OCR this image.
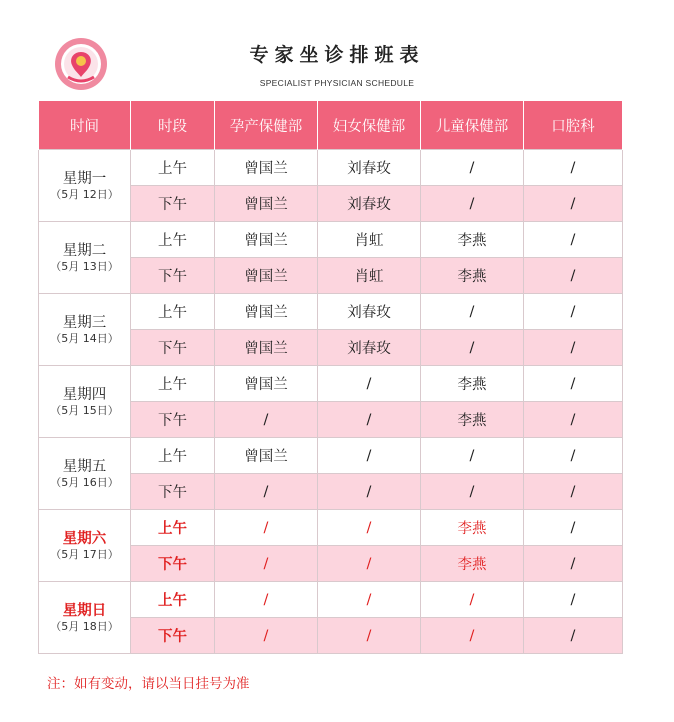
专家坐诊排班表
SPECIALIST PHYSICIAN SCHEDULE
时间	时段	孕产保健部	妇女保健部	儿童保健部	口腔科

星期一
（5月 12日）	上午	曾国兰	刘春玫	/	/
	下午	曾国兰	刘春玫	/	/

星期二
（5月 13日）	上午	曾国兰	肖虹	李燕	/
	下午	曾国兰	肖虹	李燕	/

星期三
（5月 14日）	上午	曾国兰	刘春玫	/	/
	下午	曾国兰	刘春玫	/	/

星期四
（5月 15日）	上午	曾国兰	/	李燕	/
	下午	/	/	李燕	/

星期五
（5月 16日）	上午	曾国兰	/	/	/
	下午	/	/	/	/

星期六
（5月 17日）	上午	/	/	李燕	/
	下午	/	/	李燕	/

星期日
（5月 18日）	上午	/	/	/	/
	下午	/	/	/	/
注：如有变动，请以当日挂号为准
